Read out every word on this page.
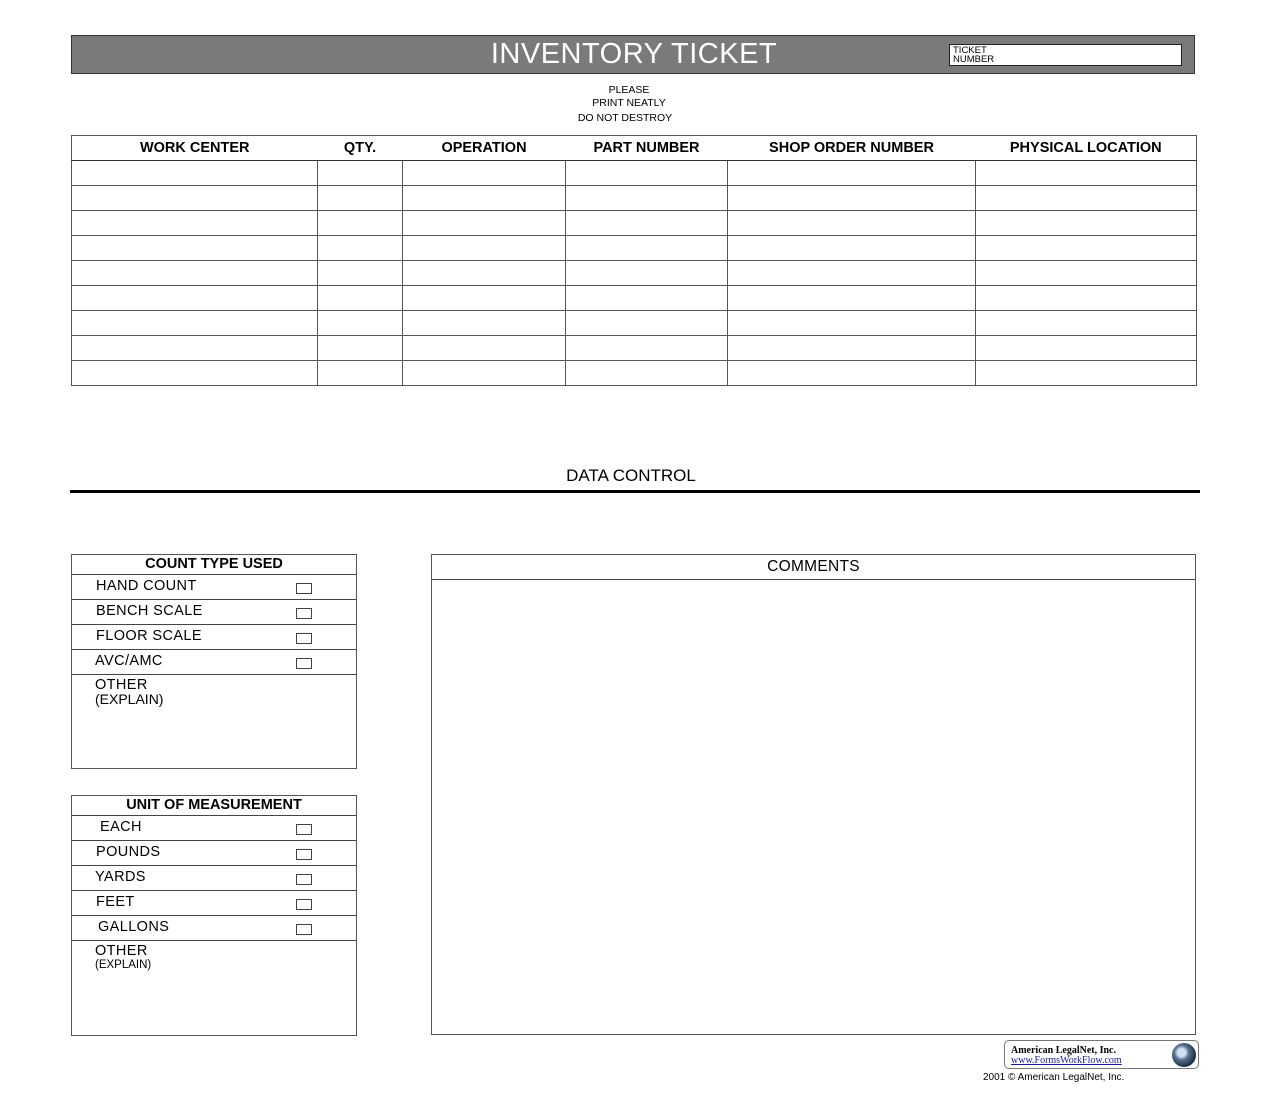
INVENTORY TICKET	TICKET
NUMBER
PLEASE
PRINT NEATLY
DO NOT DESTROY
WORK CENTER	QTY.	OPERATION	PART NUMBER	SHOP ORDER NUMBER	PHYSICAL LOCATION

DATA CONTROL
COUNT TYPE USED
HAND COUNT
BENCH SCALE
FLOOR SCALE
AVC/AMC
OTHER
(EXPLAIN)
UNIT OF MEASUREMENT
EACH
POUNDS
YARDS
FEET
GALLONS
OTHER
(EXPLAIN)
COMMENTS
American LegalNet, Inc.
www.FormsWorkFlow.com
2001 © American LegalNet, Inc.
